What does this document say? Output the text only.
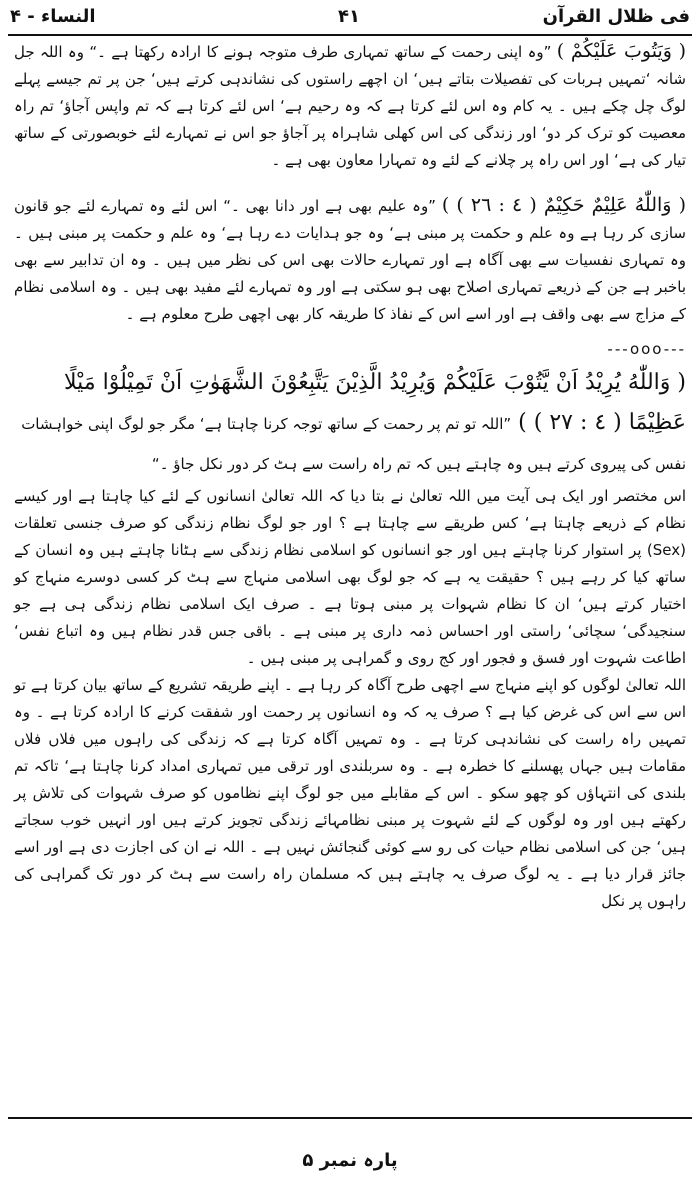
النساء - ۴	۴۱	فی ظلال القرآن

( وَيَتُوبَ عَلَيْكُمْ ) ”وہ اپنی رحمت کے ساتھ تمہاری طرف متوجہ ہونے کا ارادہ رکھتا ہے ۔“ وہ اللہ جل شانہ ‘تمہیں ہربات کی تفصیلات بتاتے ہیں‘ ان اچھے راستوں کی نشاندہی کرتے ہیں‘ جن پر تم جیسے پہلے لوگ چل چکے ہیں ۔ یہ کام وہ اس لئے کرتا ہے کہ وہ رحیم ہے‘ اس لئے کرتا ہے کہ تم واپس آجاؤ‘ تم راہ معصیت کو ترک کر دو‘ اور زندگی کی اس کھلی شاہراہ پر آجاؤ جو اس نے تمہارے لئے خوبصورتی کے ساتھ تیار کی ہے‘ اور اس راہ پر چلانے کے لئے وہ تمہارا معاون بھی ہے ۔

( وَاللّٰهُ عَلِيْمٌ حَكِيْمٌ ( ٤ : ٢٦ ) ) ”وہ علیم بھی ہے اور دانا بھی ۔“ اس لئے وہ تمہارے لئے جو قانون سازی کر رہا ہے وہ علم و حکمت پر مبنی ہے‘ وہ جو ہدایات دے رہا ہے‘ وہ علم و حکمت پر مبنی ہیں ۔ وہ تمہاری نفسیات سے بھی آگاہ ہے اور تمہارے حالات بھی اس کی نظر میں ہیں ۔ وہ ان تدابیر سے بھی باخبر ہے جن کے ذریعے تمہاری اصلاح بھی ہو سکتی ہے اور وہ تمہارے لئے مفید بھی ہیں ۔ وہ اسلامی نظام کے مزاج سے بھی واقف ہے اور اسے اس کے نفاذ کا طریقہ کار بھی اچھی طرح معلوم ہے ۔

---ooo---
( وَاللّٰهُ يُرِيْدُ اَنْ يَّتُوْبَ عَلَيْكُمْ وَيُرِيْدُ الَّذِيْنَ يَتَّبِعُوْنَ الشَّهَوٰتِ اَنْ تَمِيْلُوْا مَيْلًا
عَظِيْمًا ( ٤ : ٢٧ ) ) ”اللہ تو تم پر رحمت کے ساتھ توجہ کرنا چاہتا ہے‘ مگر جو لوگ اپنی خواہشات نفس کی پیروی کرتے ہیں وہ چاہتے ہیں کہ تم راہ راست سے ہٹ کر دور نکل جاؤ ۔“

اس مختصر اور ایک ہی آیت میں اللہ تعالیٰ نے بتا دیا کہ اللہ تعالیٰ انسانوں کے لئے کیا چاہتا ہے اور کیسے نظام کے ذریعے چاہتا ہے‘ کس طریقے سے چاہتا ہے ؟ اور جو لوگ نظام زندگی کو صرف جنسی تعلقات (Sex) پر استوار کرنا چاہتے ہیں اور جو انسانوں کو اسلامی نظام زندگی سے ہٹانا چاہتے ہیں وہ انسان کے ساتھ کیا کر رہے ہیں ؟ حقیقت یہ ہے کہ جو لوگ بھی اسلامی منہاج سے ہٹ کر کسی دوسرے منہاج کو اختیار کرتے ہیں‘ ان کا نظام شہوات پر مبنی ہوتا ہے ۔ صرف ایک اسلامی نظام زندگی ہی ہے جو سنجیدگی‘ سچائی‘ راستی اور احساس ذمہ داری پر مبنی ہے ۔ باقی جس قدر نظام ہیں وہ اتباع نفس‘ اطاعت شہوت اور فسق و فجور اور کج روی و گمراہی پر مبنی ہیں ۔

اللہ تعالیٰ لوگوں کو اپنے منہاج سے اچھی طرح آگاہ کر رہا ہے ۔ اپنے طریقہ تشریع کے ساتھ بیان کرتا ہے تو اس سے اس کی غرض کیا ہے ؟ صرف یہ کہ وہ انسانوں پر رحمت اور شفقت کرنے کا ارادہ کرتا ہے ۔ وہ تمہیں راہ راست کی نشاندہی کرتا ہے ۔ وہ تمہیں آگاہ کرتا ہے کہ زندگی کی راہوں میں فلاں فلاں مقامات ہیں جہاں پھسلنے کا خطرہ ہے ۔ وہ سربلندی اور ترقی میں تمہاری امداد کرنا چاہتا ہے‘ تاکہ تم بلندی کی انتہاؤں کو چھو سکو ۔ اس کے مقابلے میں جو لوگ اپنے نظاموں کو صرف شہوات کی تلاش پر رکھتے ہیں اور وہ لوگوں کے لئے شہوت پر مبنی نظامہائے زندگی تجویز کرتے ہیں اور انہیں خوب سجاتے ہیں‘ جن کی اسلامی نظام حیات کی رو سے کوئی گنجائش نہیں ہے ۔ اللہ نے ان کی اجازت دی ہے اور اسے جائز قرار دیا ہے ۔ یہ لوگ صرف یہ چاہتے ہیں کہ مسلمان راہ راست سے ہٹ کر دور تک گمراہی کی راہوں پر نکل

پارہ نمبر ۵
